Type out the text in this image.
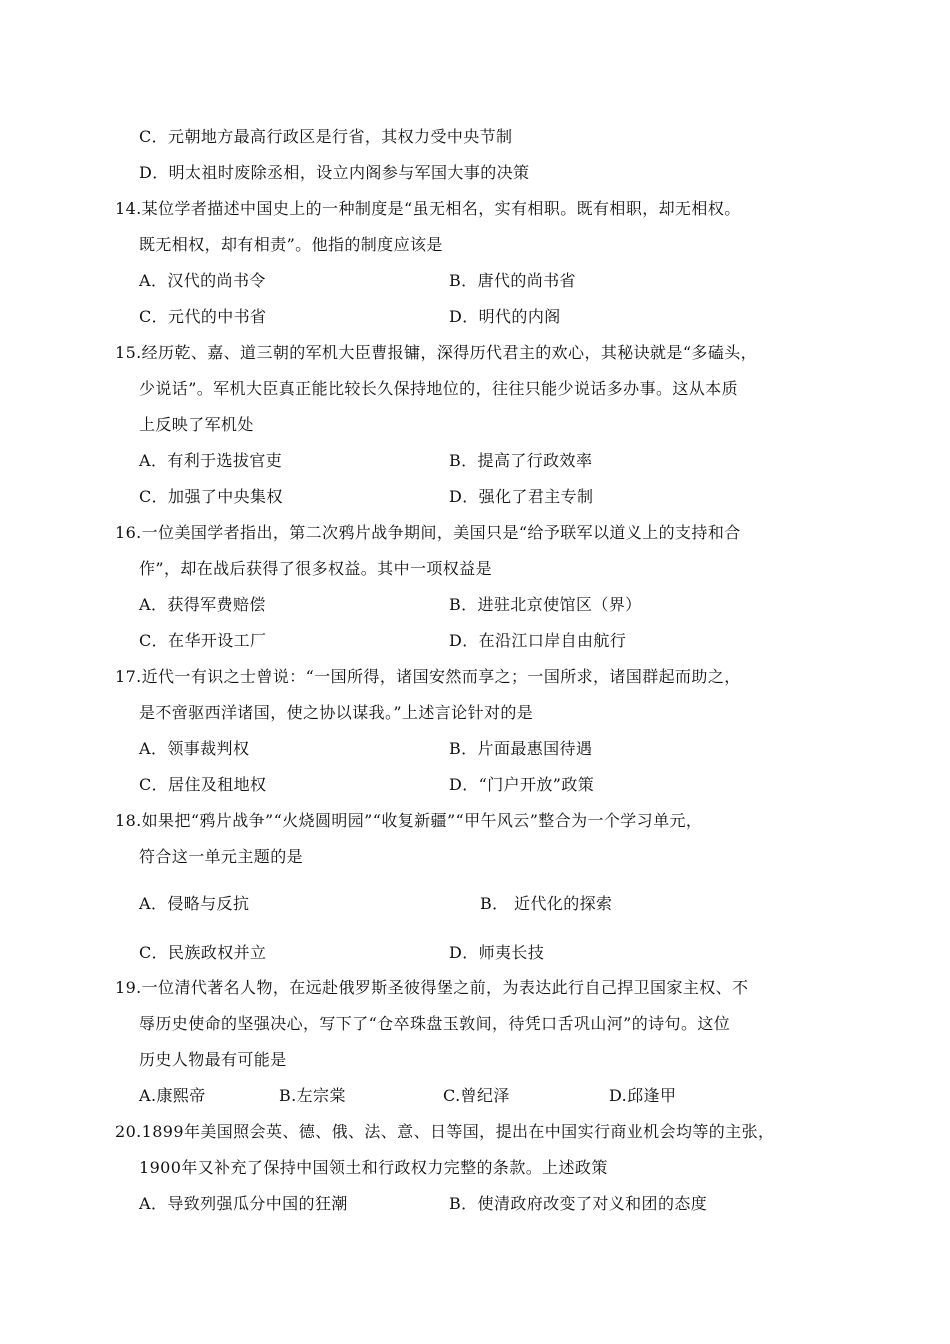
C．元朝地方最高行政区是行省，其权力受中央节制
D．明太祖时废除丞相，设立内阁参与军国大事的决策
14.某位学者描述中国史上的一种制度是“虽无相名，实有相职。既有相职，却无相权。
既无相权，却有相责”。他指的制度应该是
A．汉代的尚书令	B．唐代的尚书省
C．元代的中书省	D．明代的内阁
15.经历乾、嘉、道三朝的军机大臣曹报镛，深得历代君主的欢心，其秘诀就是“多磕头，
少说话”。军机大臣真正能比较长久保持地位的，往往只能少说话多办事。这从本质
上反映了军机处
A．有利于选拔官吏	B．提高了行政效率
C．加强了中央集权	D．强化了君主专制
16.一位美国学者指出，第二次鸦片战争期间，美国只是“给予联军以道义上的支持和合
作”，却在战后获得了很多权益。其中一项权益是
A．获得军费赔偿	B．进驻北京使馆区（界）
C．在华开设工厂	D．在沿江口岸自由航行
17.近代一有识之士曾说：“一国所得，诸国安然而享之；一国所求，诸国群起而助之，
是不啻驱西洋诸国，使之协以谋我。”上述言论针对的是
A．领事裁判权	B．片面最惠国待遇
C．居住及租地权	D．“门户开放”政策
18.如果把“鸦片战争”“火烧圆明园”“收复新疆”“甲午风云”整合为一个学习单元，
符合这一单元主题的是
A．侵略与反抗	B． 近代化的探索
C．民族政权并立	D．师夷长技
19.一位清代著名人物，在远赴俄罗斯圣彼得堡之前，为表达此行自己捍卫国家主权、不
辱历史使命的坚强决心，写下了“仓卒珠盘玉敦间，待凭口舌巩山河”的诗句。这位
历史人物最有可能是
A.康熙帝	B.左宗棠	C.曾纪泽	D.邱逢甲
20.1899年美国照会英、德、俄、法、意、日等国，提出在中国实行商业机会均等的主张，
1900年又补充了保持中国领土和行政权力完整的条款。上述政策
A．导致列强瓜分中国的狂潮	B．使清政府改变了对义和团的态度
